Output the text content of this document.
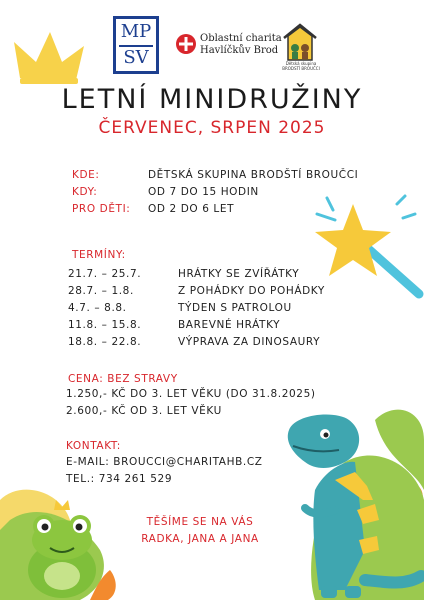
MP
SV
Oblastní charita
Havlíčkův Brod
Dětská skupina
BRODSTÍ BROUČCI
LETNÍ MINIDRUŽINY
ČERVENEC, SRPEN 2025
KDE:	DĚTSKÁ SKUPINA BRODŠTÍ BROUČCI
KDY:	OD 7 DO 15 HODIN
PRO DĚTI: OD 2 DO 6 LET
TERMÍNY:
21.7. – 25.7.	HRÁTKY SE ZVÍŘÁTKY
28.7. – 1.8.	Z POHÁDKY DO POHÁDKY
4.7. – 8.8.	TÝDEN S PATROLOU
11.8. – 15.8.	BAREVNÉ HRÁTKY
18.8. – 22.8.	VÝPRAVA ZA DINOSAURY
CENA: BEZ STRAVY
1.250,- KČ DO 3. LET VĚKU (DO 31.8.2025)
2.600,- KČ OD 3. LET VĚKU
KONTAKT:
E-MAIL: BROUCCI@CHARITAHB.CZ
TEL.: 734 261 529
TĚŠÍME SE NA VÁS
RADKA, JANA A JANA
